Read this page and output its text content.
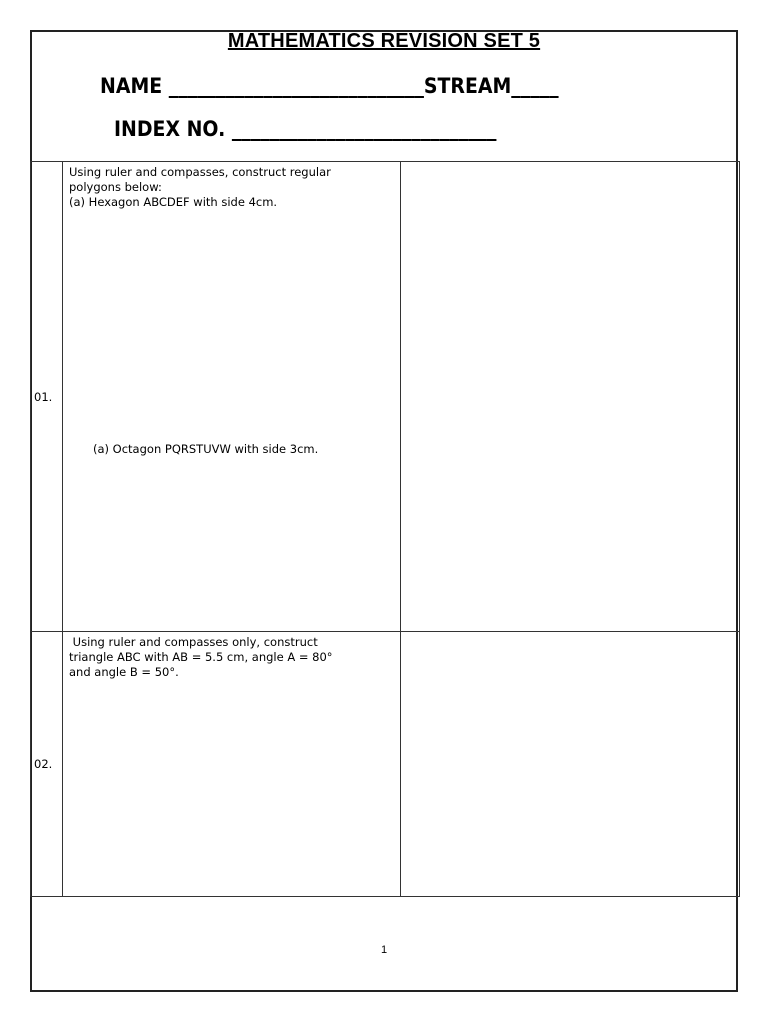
MATHEMATICS REVISION SET 5
NAME ___________________________STREAM_____
INDEX NO. ____________________________
01.	Using ruler and compasses, construct regular
polygons below:
(a) Hexagon ABCDEF with side 4cm.
(a) Octagon PQRSTUVW with side 3cm.	

02.	Using ruler and compasses only, construct
triangle ABC with AB = 5.5 cm, angle A = 80°
and angle B = 50°.	

1
